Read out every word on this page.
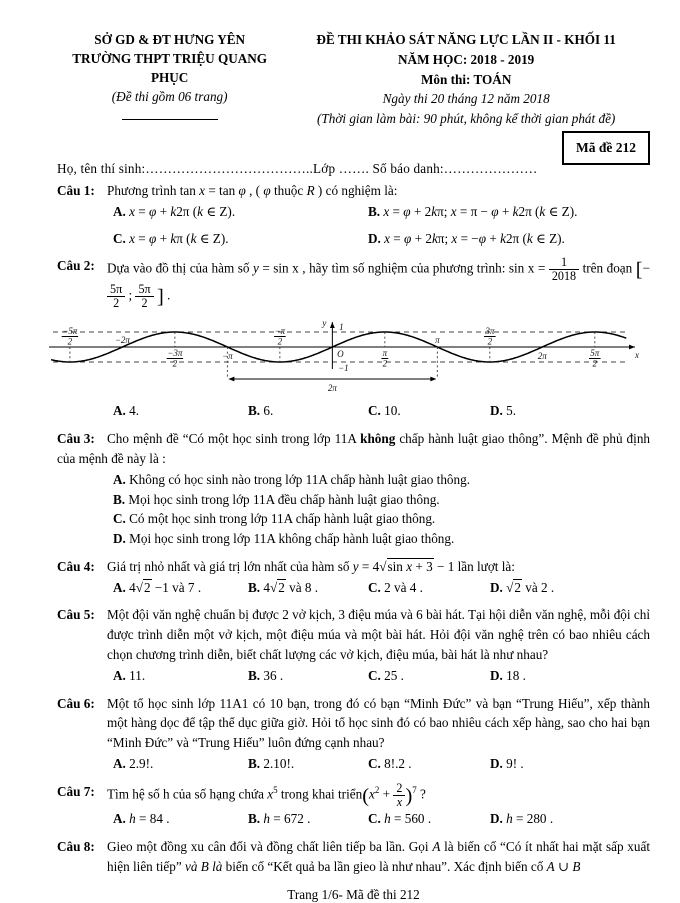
SỞ GD & ĐT HƯNG YÊN
TRƯỜNG THPT TRIỆU QUANG PHỤC
(Đề thi gồm 06 trang)
ĐỀ THI KHẢO SÁT NĂNG LỰC LẦN II - KHỐI 11
NĂM HỌC: 2018 - 2019
Môn thi: TOÁN
Ngày thi 20 tháng 12 năm 2018
(Thời gian làm bài: 90 phút, không kể thời gian phát đề)
Họ, tên thí sinh:………………………………..Lớp ……. Số báo danh:…………………
Mã đề 212
Câu 1: Phương trình tan x = tan φ , ( φ thuộc R ) có nghiệm là:
A. x = φ + k2π (k ∈ Z).	B. x = φ + 2kπ; x = π − φ + k2π (k ∈ Z).
C. x = φ + kπ (k ∈ Z).	D. x = φ + 2kπ; x = −φ + k2π (k ∈ Z).
Câu 2: Dựa vào đồ thị của hàm số y = sin x , hãy tìm số nghiệm của phương trình: $\sin x = \frac{1}{2018}$ trên đoạn [−
$\frac{5\pi}{2}$ ; $\frac{5\pi}{2}$ ] .
y
x
1
−1
−5π
2	−2π
−3π
2
−π
−π
2
O	π
2
π
3π
2
2π	5π
2
2π
A. 4.	B. 6.	C. 10.	D. 5.
Câu 3: Cho mệnh đề “Có một học sinh trong lớp 11A không chấp hành luật giao thông”. Mệnh đề phủ định của mệnh đề này là :
A. Không có học sinh nào trong lớp 11A chấp hành luật giao thông.
B. Mọi học sinh trong lớp 11A đều chấp hành luật giao thông.
C. Có một học sinh trong lớp 11A chấp hành luật giao thông.
D. Mọi học sinh trong lớp 11A không chấp hành luật giao thông.
Câu 4: Giá trị nhỏ nhất và giá trị lớn nhất của hàm số y = 4√sin x + 3 − 1 lần lượt là:
A. 4√2 −1 và 7 .	B. 4√2 và 8 .	C. 2 và 4 .	D. √2 và 2 .
Câu 5: Một đội văn nghệ chuẩn bị được 2 vở kịch, 3 điệu múa và 6 bài hát. Tại hội diễn văn nghệ, mỗi đội chỉ được trình diễn một vở kịch, một điệu múa và một bài hát. Hỏi đội văn nghệ trên có bao nhiêu cách chọn chương trình diễn, biết chất lượng các vở kịch, điệu múa, bài hát là như nhau?
A. 11.	B. 36 .	C. 25 .	D. 18 .
Câu 6: Một tổ học sinh lớp 11A1 có 10 bạn, trong đó có bạn “Minh Đức” và bạn “Trung Hiếu”, xếp thành một hàng dọc để tập thể dục giữa giờ. Hỏi tổ học sinh đó có bao nhiêu cách xếp hàng, sao cho hai bạn “Minh Đức” và “Trung Hiếu” luôn đứng cạnh nhau?
A. 2.9!.	B. 2.10!.	C. 8!.2 .	D. 9! .
Câu 7: Tìm hệ số h của số hạng chứa $x^5$ trong khai $triển(x^2 + \frac{2}{x} )^7$ ?
A. h = 84 .	B. h = 672 .	C. h = 560 .	D. h = 280 .
Câu 8: Gieo một đồng xu cân đối và đồng chất liên tiếp ba lần. Gọi A là biến cố “Có ít nhất hai mặt sấp xuất hiện liên tiếp” và B là biến cố “Kết quả ba lần gieo là như nhau”. Xác định biến cố A ∪ B
Trang 1/6- Mã đề thi 212
